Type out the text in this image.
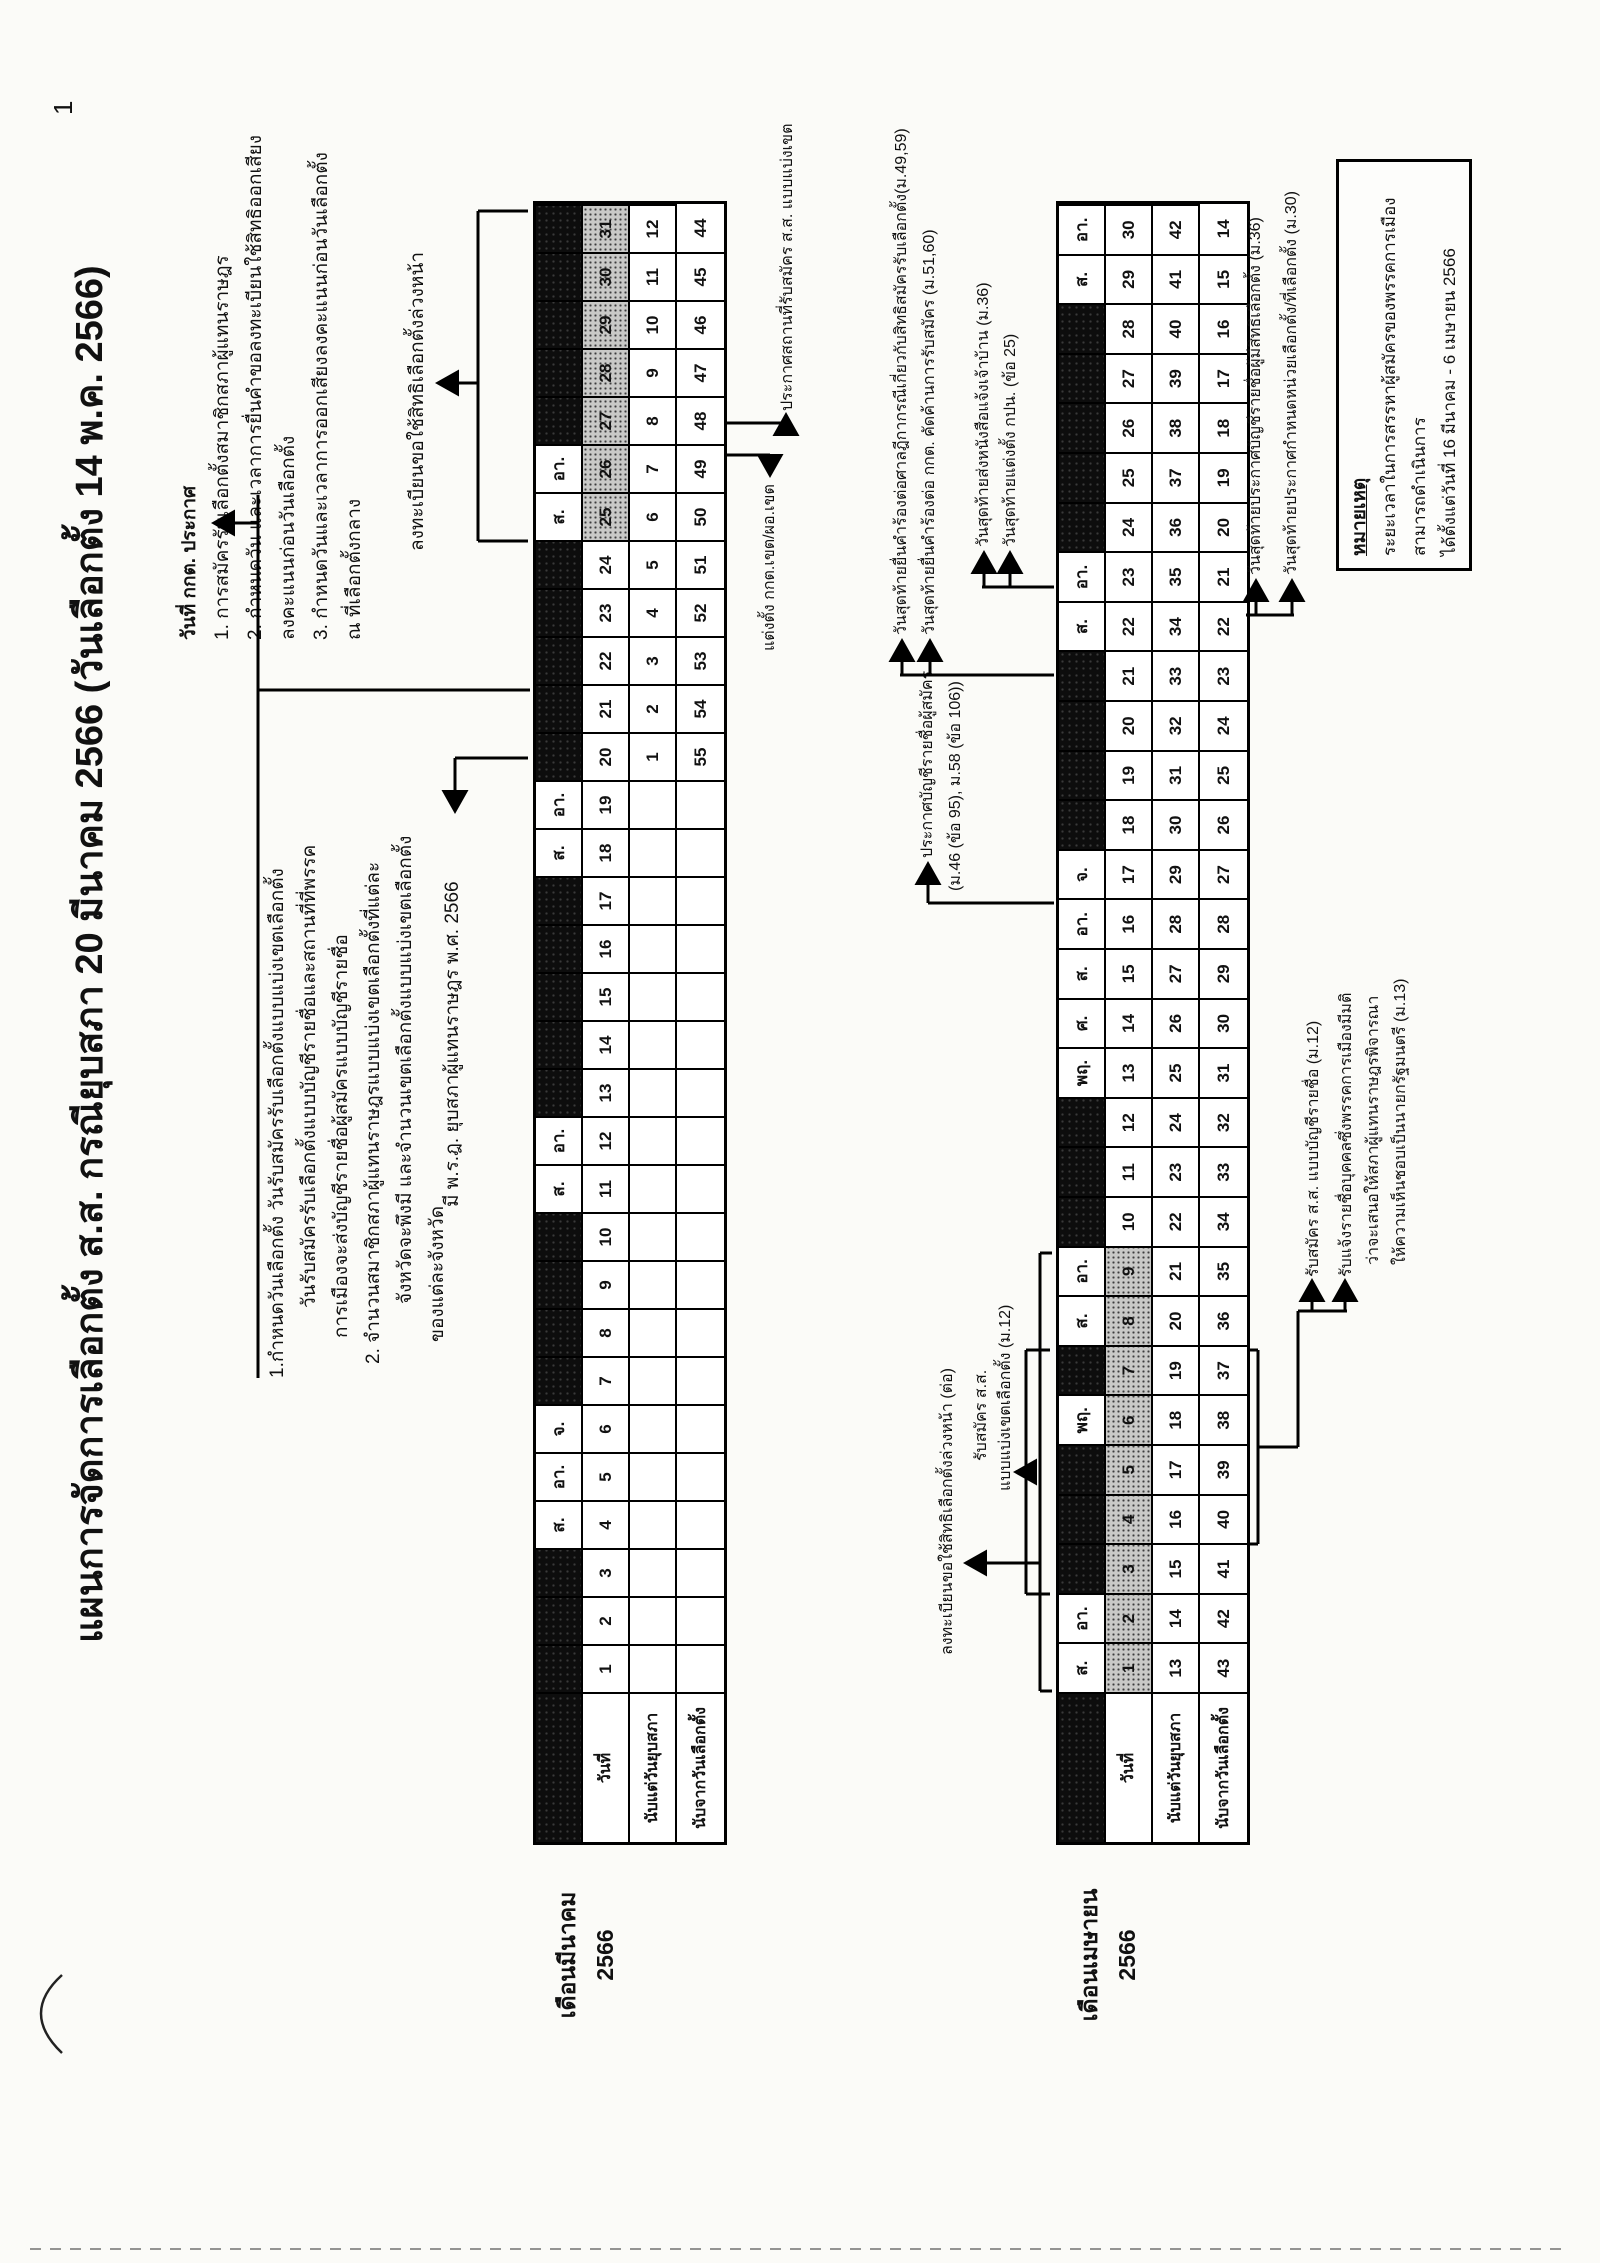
1
แผนการจัดการเลือกตั้ง ส.ส. กรณียุบสภา 20 มีนาคม 2566 (วันเลือกตั้ง 14 พ.ค. 2566)	วันที่ กกต. ประกาศ 1. การสมัครรับเลือกตั้งสมาชิกสภาผู้แทนราษฎร 2. กำหนดวัน และเวลาการยื่นคำขอลงทะเบียนใช้สิทธิออกเสียง ลงคะแนนก่อนวันเลือกตั้ง 3. กำหนดวันและเวลาการออกเสียงลงคะแนนก่อนวันเลือกตั้ง ณ ที่เลือกตั้งกลาง
1.กำหนดวันเลือกตั้ง วันรับสมัครรับเลือกตั้งแบบแบ่งเขตเลือกตั้ง วันรับสมัครรับเลือกตั้งแบบบัญชีรายชื่อและสถานที่ที่พรรค การเมืองจะส่งบัญชีรายชื่อผู้สมัครแบบบัญชีรายชื่อ 2. จำนวนสมาชิกสภาผู้แทนราษฎรแบบแบ่งเขตเลือกตั้งที่แต่ละ จังหวัดจะพึงมี และจำนวนเขตเลือกตั้งแบบแบ่งเขตเลือกตั้ง ของแต่ละจังหวัด
ลงทะเบียนขอใช้สิทธิเลือกตั้งล่วงหน้า
มี พ.ร.ฎ. ยุบสภาผู้แทนราษฎร พ.ศ. 2566
เดือนมีนาคม 2566
ส.
อา.
จ.
ส.
อา.
ส.
อา.
ส.
อา.
วันที่
1
2
3
4
5
6
7
8
9
10
11
12
13
14
15
16
17
18
19
20
21
22
23
24
25
26
27
28
29
30
31
นับแต่วันยุบสภา
1
2
3
4
5
6
7
8
9
10
11
12
นับจากวันเลือกตั้ง
55
54
53
52
51
50
49
48
47
46
45
44
แต่งตั้ง กกต.เขต/ผอ.เขต
ประกาศสถานที่รับสมัคร ส.ส. แบบแบ่งเขต
ลงทะเบียนขอใช้สิทธิเลือกตั้งล่วงหน้า (ต่อ) รับสมัคร ส.ส. แบบแบ่งเขตเลือกตั้ง (ม.12)
วันสุดท้ายยื่นคำร้องต่อศาลฎีกากรณีเกี่ยวกับสิทธิสมัครรับเลือกตั้ง(ม.49,59) วันสุดท้ายยื่นคำร้องต่อ กกต. คัดค้านการรับสมัคร (ม.51,60) วันสุดท้ายส่งหนังสือแจ้งเจ้าบ้าน (ม.36) วันสุดท้ายแต่งตั้ง กปน. (ข้อ 25)
ประกาศบัญชีรายชื่อผู้สมัคร (ม.46 (ข้อ 95), ม.58 (ข้อ 106))
เดือนเมษายน 2566
ส.
อา.
พฤ.
ส.
อา.
พฤ.
ศ.
ส.
อา.
จ.
ส.
อา.
ส.
อา.
วันที่
1
2
3
4
5
6
7
8
9
10
11
12
13
14
15
16
17
18
19
20
21
22
23
24
25
26
27
28
29
30
นับแต่วันยุบสภา
13
14
15
16
17
18
19
20
21
22
23
24
25
26
27
28
29
30
31
32
33
34
35
36
37
38
39
40
41
42
นับจากวันเลือกตั้ง
43
42
41
40
39
38
37
36
35
34
33
32
31
30
29
28
27
26
25
24
23
22
21
20
19
18
17
16
15
14 วันสุดท้ายประกาศบัญชีรายชื่อผู้มีสิทธิเลือกตั้ง (ม.36) วันสุดท้ายประกาศกำหนดหน่วยเลือกตั้ง/ที่เลือกตั้ง (ม.30)
รับสมัคร ส.ส. แบบบัญชีรายชื่อ (ม.12) รับแจ้งรายชื่อบุคคลซึ่งพรรคการเมืองมีมติ ว่าจะเสนอให้สภาผู้แทนราษฎรพิจารณา ให้ความเห็นชอบเป็นนายกรัฐมนตรี (ม.13)
หมายเหตุ ระยะเวลาในการสรรหาผู้สมัครของพรรคการเมืองสามารถดำเนินการ ได้ตั้งแต่วันที่ 16 มีนาคม - 6 เมษายน 2566
